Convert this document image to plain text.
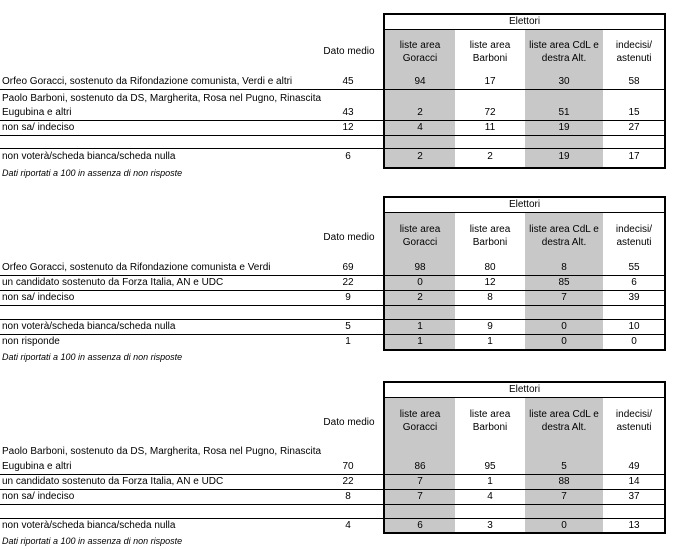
Elettori
Dato medio
liste area
Goracci
liste area
Barboni
liste area CdL e
destra Alt.
indecisi/
astenuti
Orfeo Goracci, sostenuto da Rifondazione comunista, Verdi e altri	45	94	17	30	58
Paolo Barboni, sostenuto da DS, Margherita, Rosa nel Pugno, Rinascita
Eugubina e altri	43	2	72	51	15
non sa/ indeciso	12	4	11	19	27
non voterà/scheda bianca/scheda nulla	6	2	2	19	17
Dati riportati a 100 in assenza di non risposte
Elettori
Dato medio
liste area
Goracci
liste area
Barboni
liste area CdL e
destra Alt.
indecisi/
astenuti
Orfeo Goracci, sostenuto da Rifondazione comunista e Verdi	69	98	80	8	55
un candidato sostenuto da Forza Italia, AN e UDC	22	0	12	85	6
non sa/ indeciso	9	2	8	7	39
non voterà/scheda bianca/scheda nulla	5	1	9	0	10
non risponde	1	1	1	0	0
Dati riportati a 100 in assenza di non risposte
Elettori
Dato medio
liste area
Goracci
liste area
Barboni
liste area CdL e
destra Alt.
indecisi/
astenuti
Paolo Barboni, sostenuto da DS, Margherita, Rosa nel Pugno, Rinascita
Eugubina e altri	70	86	95	5	49
un candidato sostenuto da Forza Italia, AN e UDC	22	7	1	88	14
non sa/ indeciso	8	7	4	7	37
non voterà/scheda bianca/scheda nulla	4	6	3	0	13
Dati riportati a 100 in assenza di non risposte
